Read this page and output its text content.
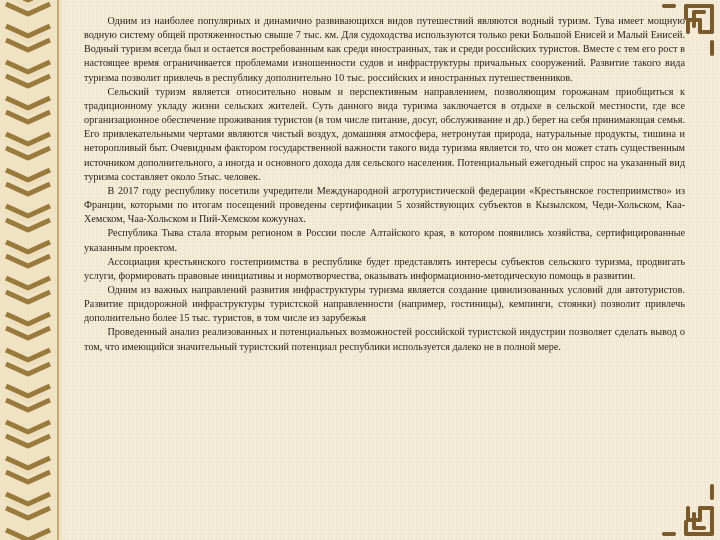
Одним из наиболее популярных и динамично развивающихся видов путешествий являются водный туризм. Тува имеет мощную водную систему общей протяженностью свыше 7 тыс. км. Для судоходства используются только реки Большой Енисей и Малый Енисей. Водный туризм всегда был и остается востребованным как среди иностранных, так и среди российских туристов. Вместе с тем его рост в настоящее время ограничивается проблемами изношенности судов и инфраструктуры причальных сооружений. Развитие такого вида туризма позволит привлечь в республику дополнительно 10 тыс. российских и иностранных путешественников.

Сельский туризм является относительно новым и перспективным направлением, позволяющим горожанам приобщиться к традиционному укладу жизни сельских жителей. Суть данного вида туризма заключается в отдыхе в сельской местности, где все организационное обеспечение проживания туристов (в том числе питание, досуг, обслуживание и др.) берет на себя принимающая семья. Его привлекательными чертами являются чистый воздух, домашняя атмосфера, нетронутая природа, натуральные продукты, тишина и неторопливый быт. Очевидным фактором государственной важности такого вида туризма является то, что он может стать существенным источником дополнительного, а иногда и основного дохода для сельского населения. Потенциальный ежегодный спрос на указанный вид туризма составляет около 5тыс. человек.

В 2017 году республику посетили учредители Международной агротуристической федерации «Крестьянское гостеприимство» из Франции, которыми по итогам посещений проведены сертификации 5 хозяйствующих субъектов в Кызылском, Чеди-Хольском, Каа-Хемском, Чаа-Хольском и Пий-Хемском кожуунах.

Республика Тыва стала вторым регионом в России после Алтайского края, в котором появились хозяйства, сертифицированные указанным проектом.

Ассоциация крестьянского гостеприимства в республике будет представлять интересы субъектов сельского туризма, продвигать услуги, формировать правовые инициативы и нормотворчества, оказывать информационно-методическую помощь в развитии.

Одним из важных направлений развития инфраструктуры туризма является создание цивилизованных условий для автотуристов. Развитие придорожной инфраструктуры туристской направленности (например, гостиницы), кемпинги, стоянки) позволит привлечь дополнительно более 15 тыс. туристов, в том числе из зарубежья

Проведенный анализ реализованных и потенциальных возможностей российской туристской индустрии позволяет сделать вывод о том, что имеющийся значительный туристский потенциал республики используется далеко не в полной мере.
